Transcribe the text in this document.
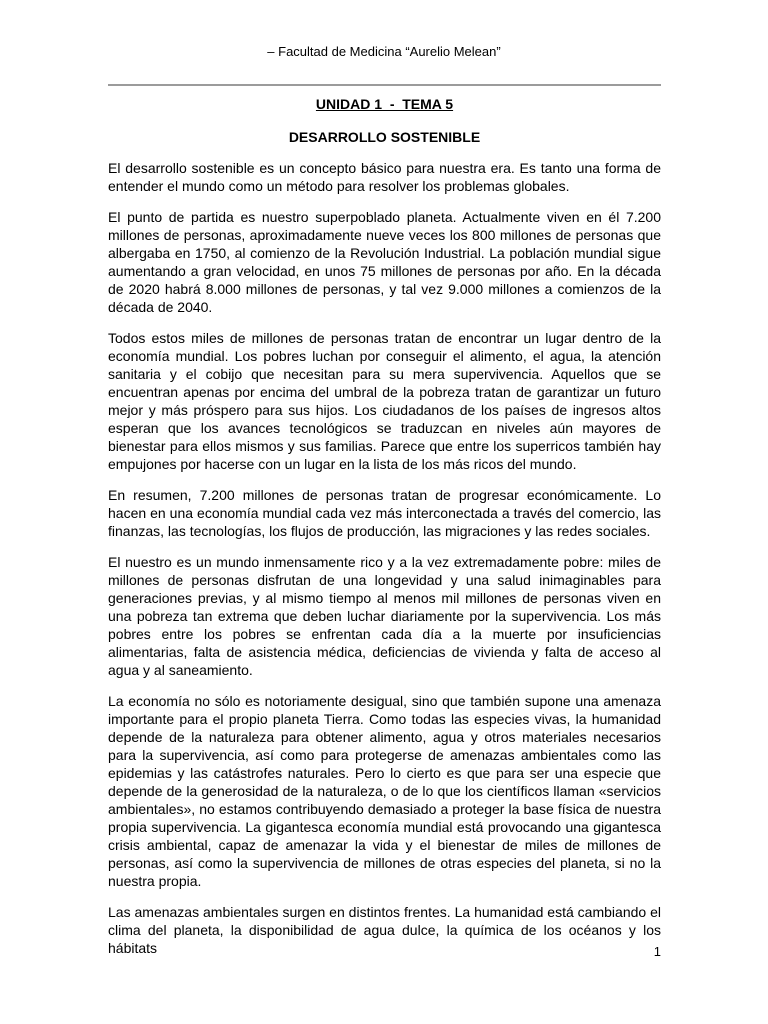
– Facultad de Medicina “Aurelio Melean”
UNIDAD 1  -  TEMA 5
DESARROLLO SOSTENIBLE

El desarrollo sostenible es un concepto básico para nuestra era. Es tanto una forma de entender el mundo como un método para resolver los problemas globales.

El punto de partida es nuestro superpoblado planeta. Actualmente viven en él 7.200 millones de personas, aproximadamente nueve veces los 800 millones de personas que albergaba en 1750, al comienzo de la Revolución Industrial. La población mundial sigue aumentando a gran velocidad, en unos 75 millones de personas por año. En la década de 2020 habrá 8.000 millones de personas, y tal vez 9.000 millones a comienzos de la década de 2040.

Todos estos miles de millones de personas tratan de encontrar un lugar dentro de la economía mundial. Los pobres luchan por conseguir el alimento, el agua, la atención sanitaria y el cobijo que necesitan para su mera supervivencia. Aquellos que se encuentran apenas por encima del umbral de la pobreza tratan de garantizar un futuro mejor y más próspero para sus hijos. Los ciudadanos de los países de ingresos altos esperan que los avances tecnológicos se traduzcan en niveles aún mayores de bienestar para ellos mismos y sus familias. Parece que entre los superricos también hay empujones por hacerse con un lugar en la lista de los más ricos del mundo.

En resumen, 7.200 millones de personas tratan de progresar económicamente. Lo hacen en una economía mundial cada vez más interconectada a través del comercio, las finanzas, las tecnologías, los flujos de producción, las migraciones y las redes sociales.

El nuestro es un mundo inmensamente rico y a la vez extremadamente pobre: miles de millones de personas disfrutan de una longevidad y una salud inimaginables para generaciones previas, y al mismo tiempo al menos mil millones de personas viven en una pobreza tan extrema que deben luchar diariamente por la supervivencia. Los más pobres entre los pobres se enfrentan cada día a la muerte por insuficiencias alimentarias, falta de asistencia médica, deficiencias de vivienda y falta de acceso al agua y al saneamiento.

La economía no sólo es notoriamente desigual, sino que también supone una amenaza importante para el propio planeta Tierra. Como todas las especies vivas, la humanidad depende de la naturaleza para obtener alimento, agua y otros materiales necesarios para la supervivencia, así como para protegerse de amenazas ambientales como las epidemias y las catástrofes naturales. Pero lo cierto es que para ser una especie que depende de la generosidad de la naturaleza, o de lo que los científicos llaman «servicios ambientales», no estamos contribuyendo demasiado a proteger la base física de nuestra propia supervivencia. La gigantesca economía mundial está provocando una gigantesca crisis ambiental, capaz de amenazar la vida y el bienestar de miles de millones de personas, así como la supervivencia de millones de otras especies del planeta, si no la nuestra propia.

Las amenazas ambientales surgen en distintos frentes. La humanidad está cambiando el clima del planeta, la disponibilidad de agua dulce, la química de los océanos y los hábitats	1
